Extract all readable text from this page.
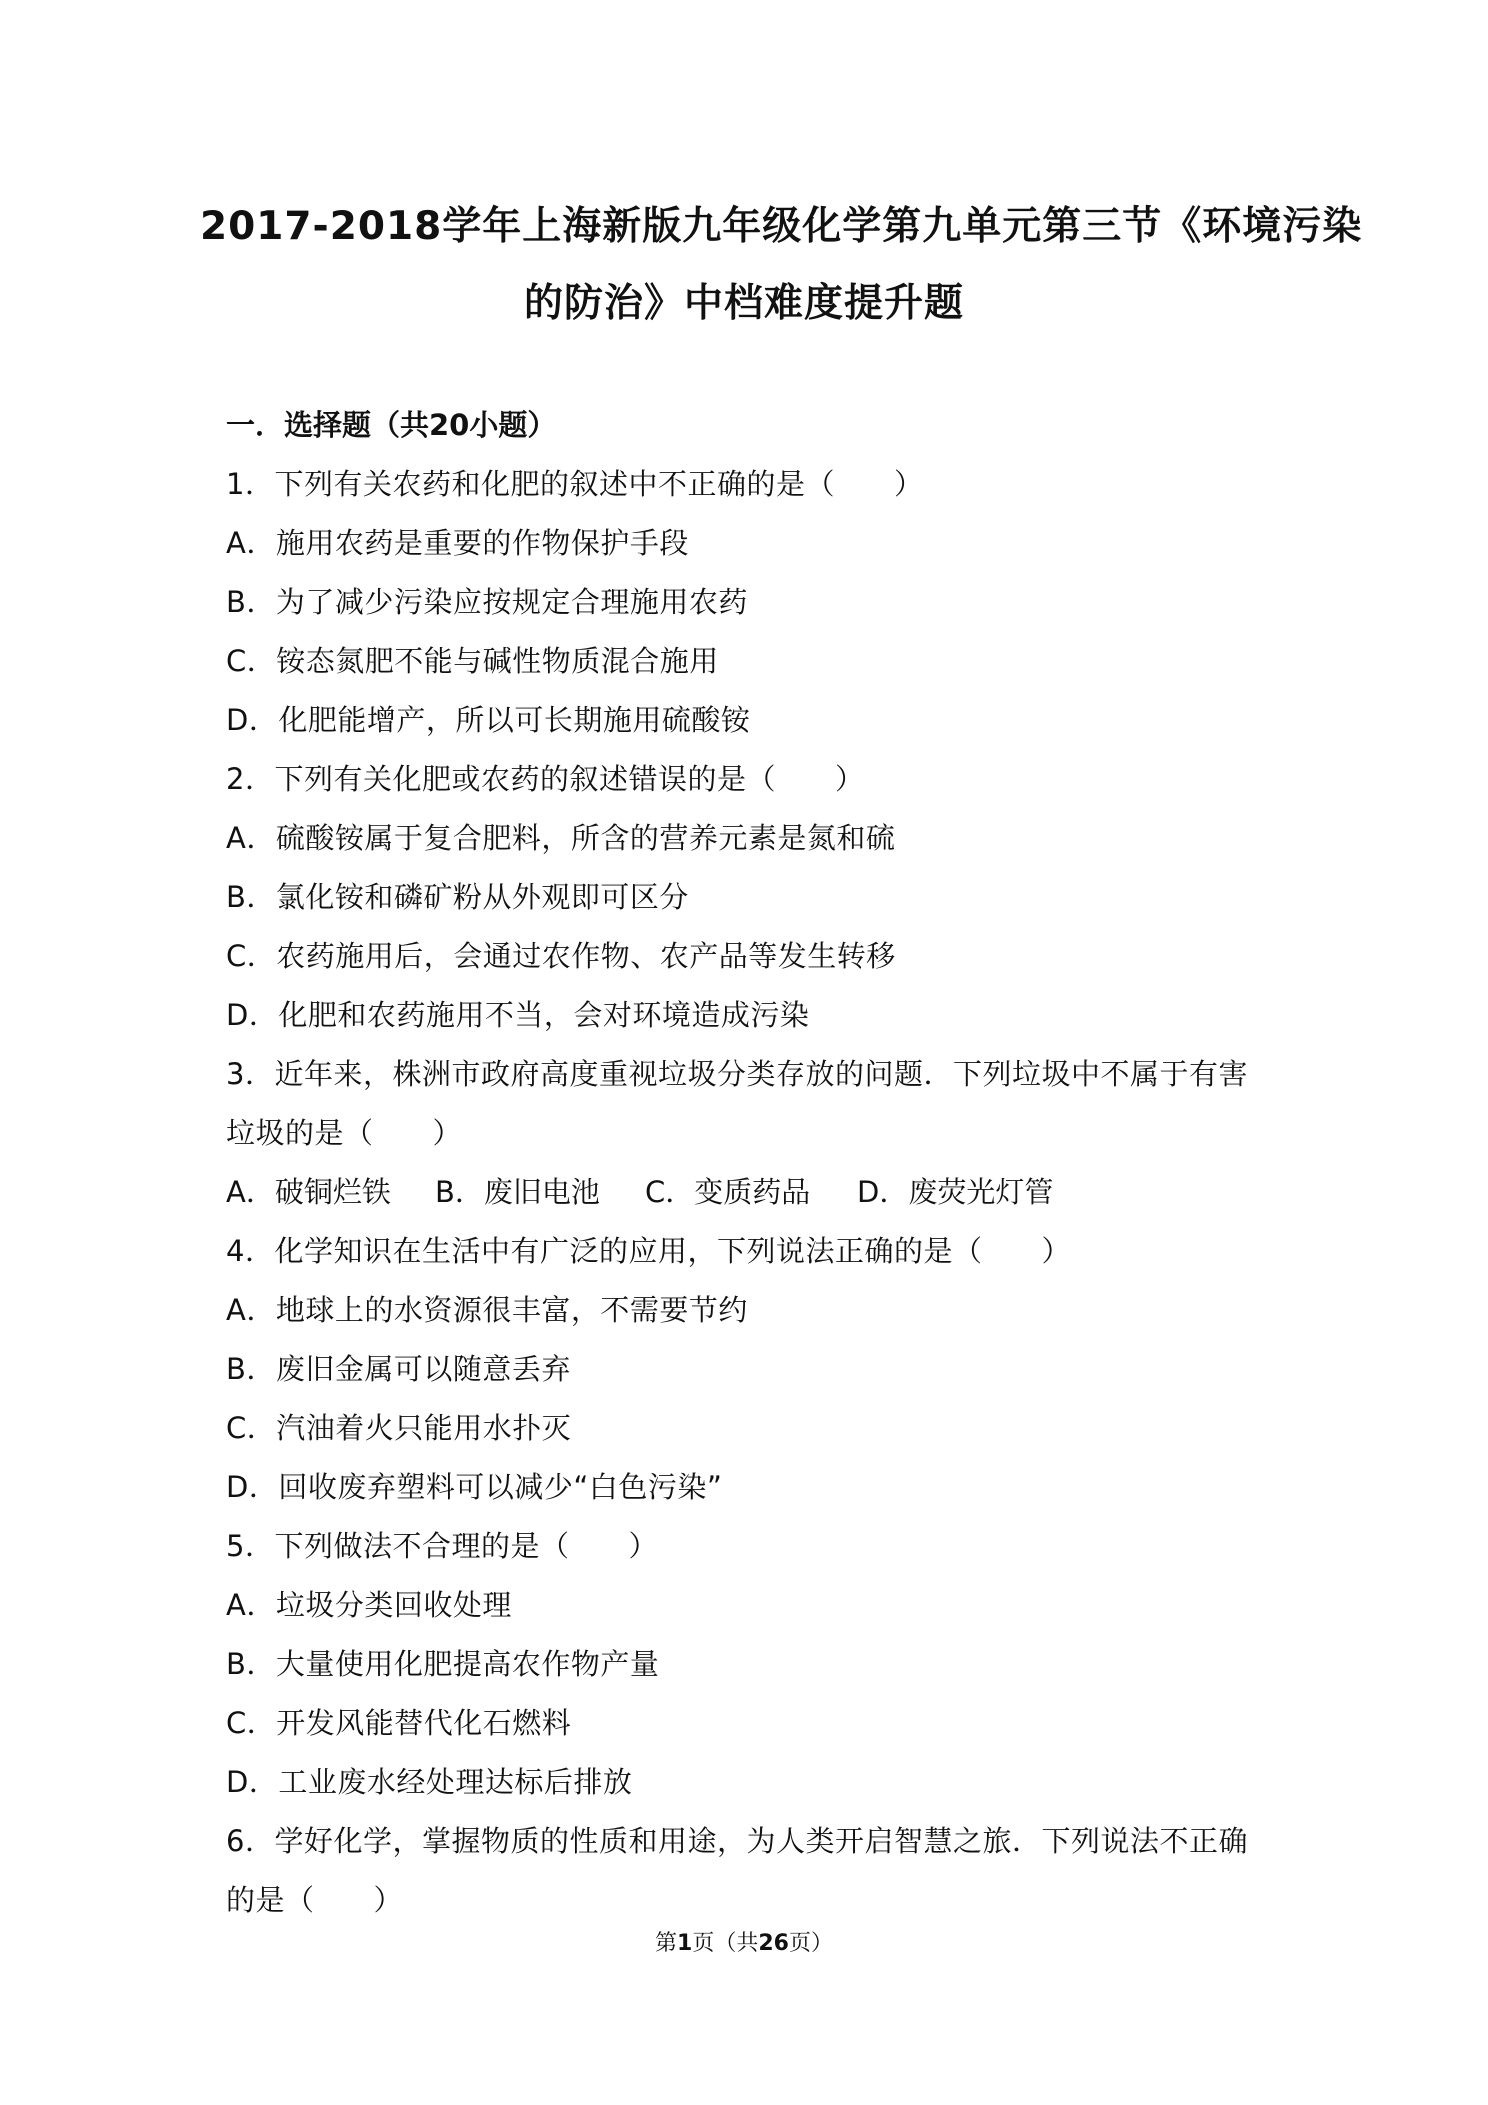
2017-2018学年上海新版九年级化学第九单元第三节《环境污染
的防治》中档难度提升题
一．选择题（共20小题）
1．下列有关农药和化肥的叙述中不正确的是（　　）
A．施用农药是重要的作物保护手段
B．为了减少污染应按规定合理施用农药
C．铵态氮肥不能与碱性物质混合施用
D．化肥能增产，所以可长期施用硫酸铵
2．下列有关化肥或农药的叙述错误的是（　　）
A．硫酸铵属于复合肥料，所含的营养元素是氮和硫
B．氯化铵和磷矿粉从外观即可区分
C．农药施用后，会通过农作物、农产品等发生转移
D．化肥和农药施用不当，会对环境造成污染
3．近年来，株洲市政府高度重视垃圾分类存放的问题．下列垃圾中不属于有害
垃圾的是（　　）
A．破铜烂铁 B．废旧电池 C．变质药品 D．废荧光灯管
4．化学知识在生活中有广泛的应用，下列说法正确的是（　　）
A．地球上的水资源很丰富，不需要节约
B．废旧金属可以随意丢弃
C．汽油着火只能用水扑灭
D．回收废弃塑料可以减少“白色污染”
5．下列做法不合理的是（　　）
A．垃圾分类回收处理
B．大量使用化肥提高农作物产量
C．开发风能替代化石燃料
D．工业废水经处理达标后排放
6．学好化学，掌握物质的性质和用途，为人类开启智慧之旅．下列说法不正确
的是（　　）
第1页（共26页）
